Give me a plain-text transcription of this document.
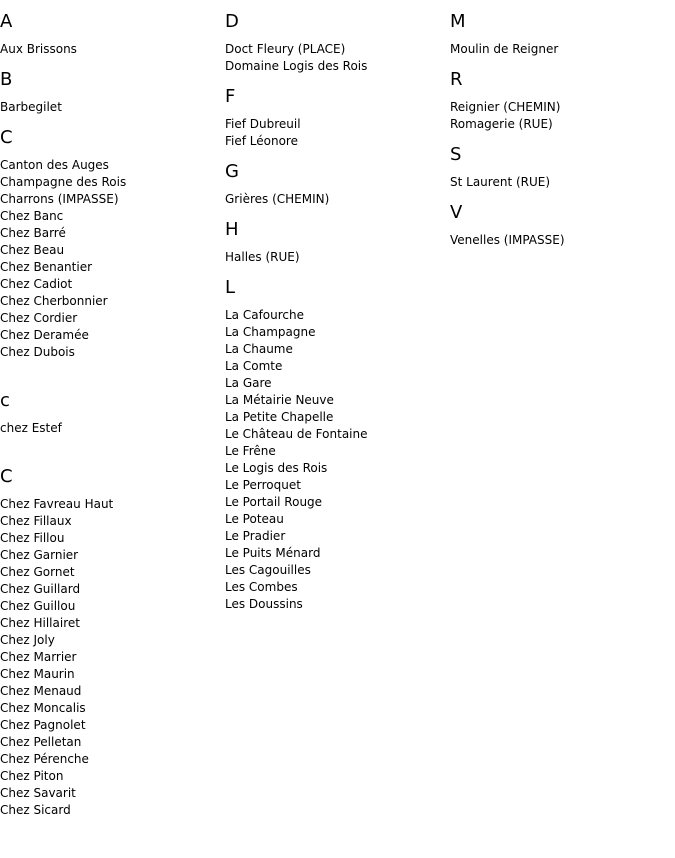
A
Aux Brissons
B
Barbegilet
C
Canton des Auges
Champagne des Rois
Charrons (IMPASSE)
Chez Banc
Chez Barré
Chez Beau
Chez Benantier
Chez Cadiot
Chez Cherbonnier
Chez Cordier
Chez Deramée
Chez Dubois
c
chez Estef
C
Chez Favreau Haut
Chez Fillaux
Chez Fillou
Chez Garnier
Chez Gornet
Chez Guillard
Chez Guillou
Chez Hillairet
Chez Joly
Chez Marrier
Chez Maurin
Chez Menaud
Chez Moncalis
Chez Pagnolet
Chez Pelletan
Chez Pérenche
Chez Piton
Chez Savarit
Chez Sicard
D
Doct Fleury (PLACE)
Domaine Logis des Rois
F
Fief Dubreuil
Fief Léonore
G
Grières (CHEMIN)
H
Halles (RUE)
L
La Cafourche
La Champagne
La Chaume
La Comte
La Gare
La Métairie Neuve
La Petite Chapelle
Le Château de Fontaine
Le Frêne
Le Logis des Rois
Le Perroquet
Le Portail Rouge
Le Poteau
Le Pradier
Le Puits Ménard
Les Cagouilles
Les Combes
Les Doussins
M
Moulin de Reigner
R
Reignier (CHEMIN)
Romagerie (RUE)
S
St Laurent (RUE)
V
Venelles (IMPASSE)
